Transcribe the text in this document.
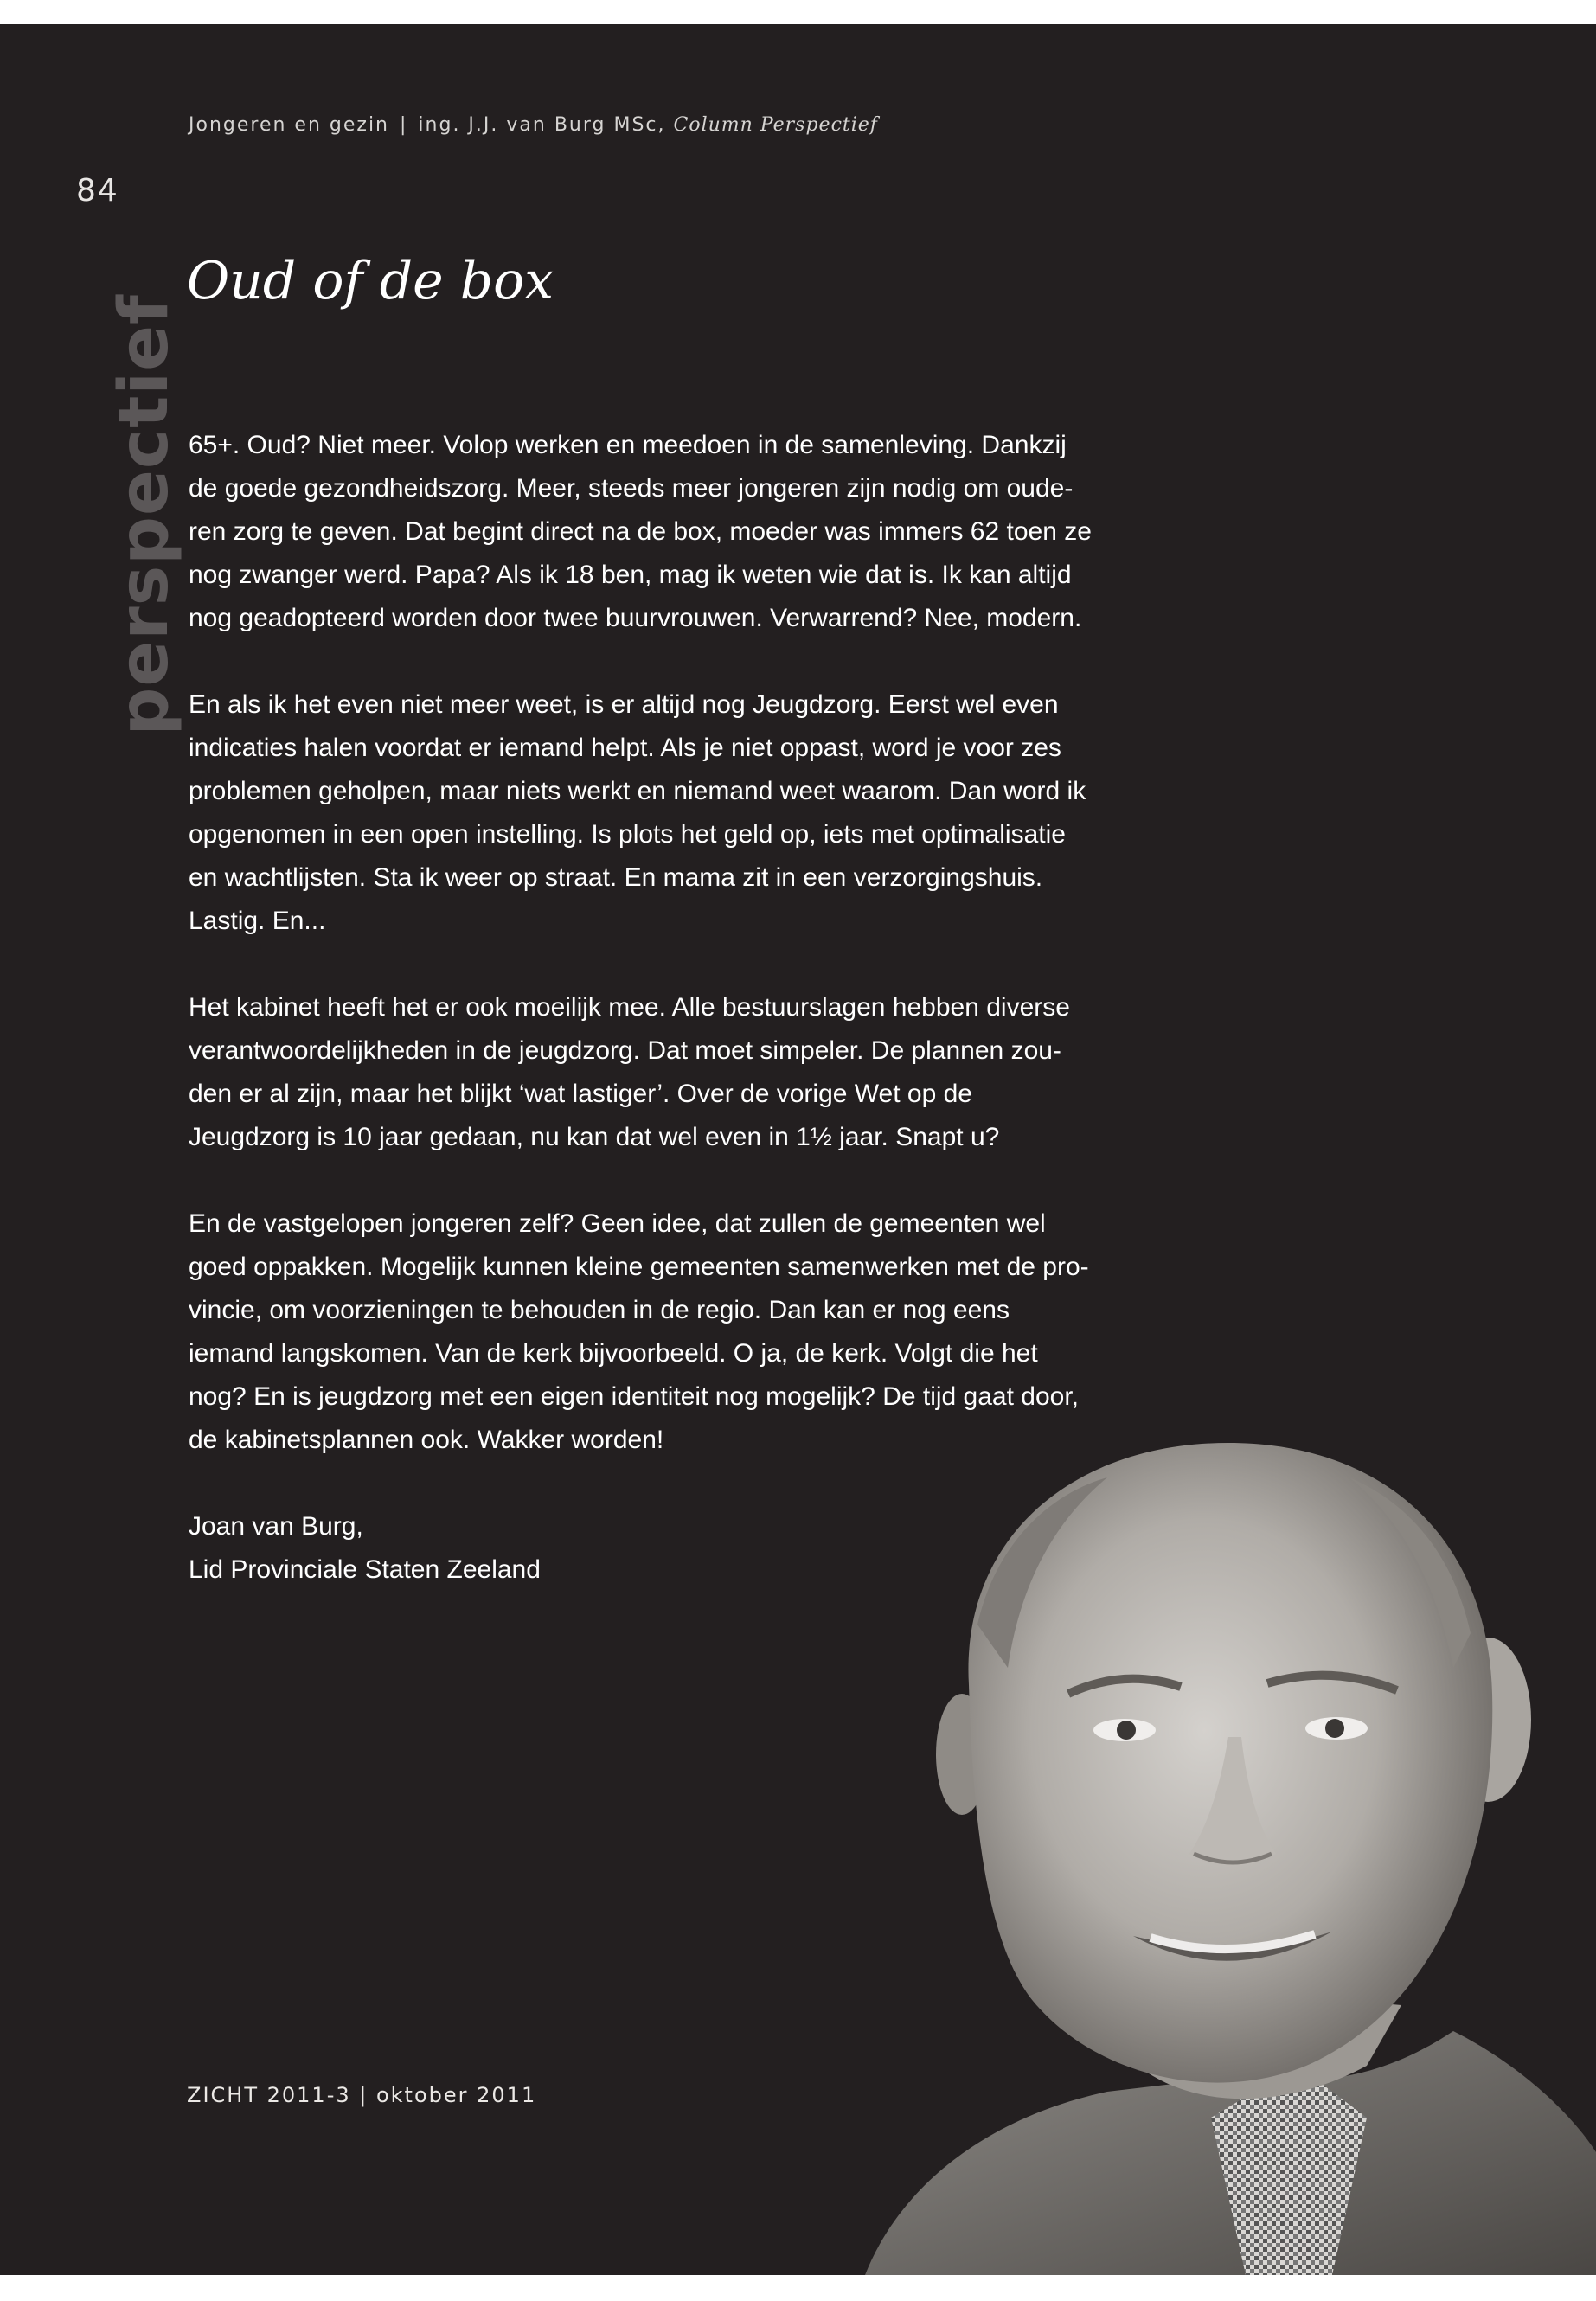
Jongeren en gezin | ing. J.J. van Burg MSc, Column Perspectief
84
perspectief
Oud of de box

65+. Oud? Niet meer. Volop werken en meedoen in de samenleving. Dankzij
de goede gezondheidszorg. Meer, steeds meer jongeren zijn nodig om oude-
ren zorg te geven. Dat begint direct na de box, moeder was immers 62 toen ze
nog zwanger werd. Papa? Als ik 18 ben, mag ik weten wie dat is. Ik kan altijd
nog geadopteerd worden door twee buurvrouwen. Verwarrend? Nee, modern.

En als ik het even niet meer weet, is er altijd nog Jeugdzorg. Eerst wel even
indicaties halen voordat er iemand helpt. Als je niet oppast, word je voor zes
problemen geholpen, maar niets werkt en niemand weet waarom. Dan word ik
opgenomen in een open instelling. Is plots het geld op, iets met optimalisatie
en wachtlijsten. Sta ik weer op straat. En mama zit in een verzorgingshuis.
Lastig. En...

Het kabinet heeft het er ook moeilijk mee. Alle bestuurslagen hebben diverse
verantwoordelijkheden in de jeugdzorg. Dat moet simpeler. De plannen zou-
den er al zijn, maar het blijkt ‘wat lastiger’. Over de vorige Wet op de
Jeugdzorg is 10 jaar gedaan, nu kan dat wel even in 1½ jaar. Snapt u?

En de vastgelopen jongeren zelf? Geen idee, dat zullen de gemeenten wel
goed oppakken. Mogelijk kunnen kleine gemeenten samenwerken met de pro-
vincie, om voorzieningen te behouden in de regio. Dan kan er nog eens
iemand langskomen. Van de kerk bijvoorbeeld. O ja, de kerk. Volgt die het
nog? En is jeugdzorg met een eigen identiteit nog mogelijk? De tijd gaat door,
de kabinetsplannen ook. Wakker worden!

Joan van Burg,
Lid Provinciale Staten Zeeland

ZICHT 2011-3 | oktober 2011
